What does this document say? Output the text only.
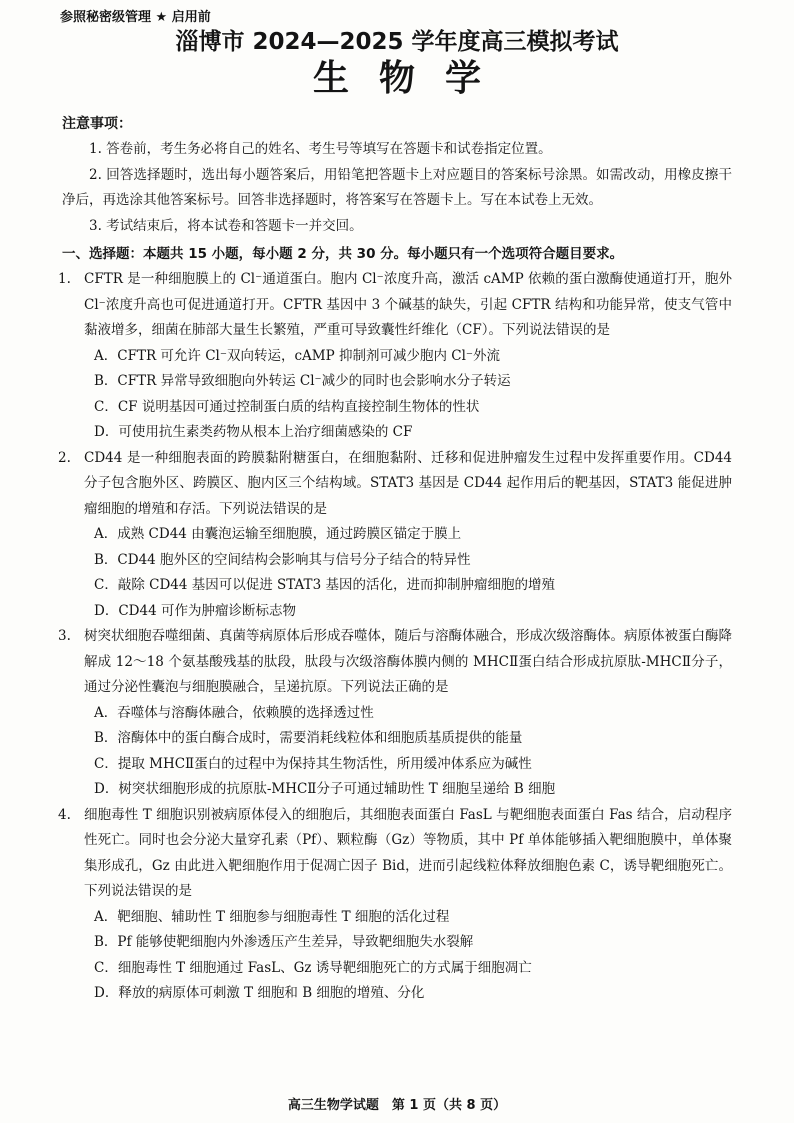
参照秘密级管理 ★ 启用前
淄博市 2024—2025 学年度高三模拟考试
生物学
注意事项：

1. 答卷前，考生务必将自己的姓名、考生号等填写在答题卡和试卷指定位置。

2. 回答选择题时，选出每小题答案后，用铅笔把答题卡上对应题目的答案标号涂黑。如需改动，用橡皮擦干净后，再选涂其他答案标号。回答非选择题时，将答案写在答题卡上。写在本试卷上无效。

3. 考试结束后，将本试卷和答题卡一并交回。

一、选择题：本题共 15 小题，每小题 2 分，共 30 分。每小题只有一个选项符合题目要求。
1. CFTR 是一种细胞膜上的 Cl⁻通道蛋白。胞内 Cl⁻浓度升高，激活 cAMP 依赖的蛋白激酶使通道打开，胞外 Cl⁻浓度升高也可促进通道打开。CFTR 基因中 3 个碱基的缺失，引起 CFTR 结构和功能异常，使支气管中黏液增多，细菌在肺部大量生长繁殖，严重可导致囊性纤维化（CF）。下列说法错误的是

A．CFTR 可允许 Cl⁻双向转运，cAMP 抑制剂可减少胞内 Cl⁻外流

B．CFTR 异常导致细胞向外转运 Cl⁻减少的同时也会影响水分子转运

C．CF 说明基因可通过控制蛋白质的结构直接控制生物体的性状

D．可使用抗生素类药物从根本上治疗细菌感染的 CF

2. CD44 是一种细胞表面的跨膜黏附糖蛋白，在细胞黏附、迁移和促进肿瘤发生过程中发挥重要作用。CD44 分子包含胞外区、跨膜区、胞内区三个结构域。STAT3 基因是 CD44 起作用后的靶基因，STAT3 能促进肿瘤细胞的增殖和存活。下列说法错误的是

A．成熟 CD44 由囊泡运输至细胞膜，通过跨膜区锚定于膜上

B．CD44 胞外区的空间结构会影响其与信号分子结合的特异性

C．敲除 CD44 基因可以促进 STAT3 基因的活化，进而抑制肿瘤细胞的增殖

D．CD44 可作为肿瘤诊断标志物

3. 树突状细胞吞噬细菌、真菌等病原体后形成吞噬体，随后与溶酶体融合，形成次级溶酶体。病原体被蛋白酶降解成 12～18 个氨基酸残基的肽段，肽段与次级溶酶体膜内侧的 MHCⅡ蛋白结合形成抗原肽-MHCⅡ分子，通过分泌性囊泡与细胞膜融合，呈递抗原。下列说法正确的是

A．吞噬体与溶酶体融合，依赖膜的选择透过性

B．溶酶体中的蛋白酶合成时，需要消耗线粒体和细胞质基质提供的能量

C．提取 MHCⅡ蛋白的过程中为保持其生物活性，所用缓冲体系应为碱性

D．树突状细胞形成的抗原肽-MHCⅡ分子可通过辅助性 T 细胞呈递给 B 细胞

4. 细胞毒性 T 细胞识别被病原体侵入的细胞后，其细胞表面蛋白 FasL 与靶细胞表面蛋白 Fas 结合，启动程序性死亡。同时也会分泌大量穿孔素（Pf）、颗粒酶（Gz）等物质，其中 Pf 单体能够插入靶细胞膜中，单体聚集形成孔，Gz 由此进入靶细胞作用于促凋亡因子 Bid，进而引起线粒体释放细胞色素 C，诱导靶细胞死亡。下列说法错误的是

A．靶细胞、辅助性 T 细胞参与细胞毒性 T 细胞的活化过程

B．Pf 能够使靶细胞内外渗透压产生差异，导致靶细胞失水裂解

C．细胞毒性 T 细胞通过 FasL、Gz 诱导靶细胞死亡的方式属于细胞凋亡

D．释放的病原体可刺激 T 细胞和 B 细胞的增殖、分化

高三生物学试题　第 1 页（共 8 页）
